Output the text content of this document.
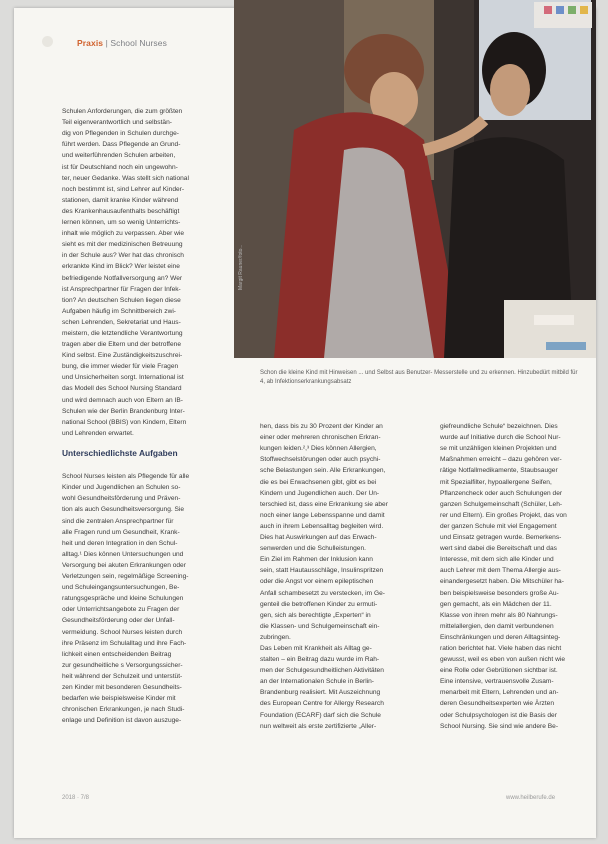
Praxis | School Nurses
Margit Rauner/foto...
Schon die kleine Kind mit Hinweisen ... und Selbst aus Benutzer- Messerstelle und zu erkennen. Hinzubedürt mitbild für 4, ab Infektionserkrankungsabsatz

Schulen Anforderungen, die zum größten
Teil eigenverantwortlich und selbstän-
dig von Pflegenden in Schulen durchge-
führt werden. Dass Pflegende an Grund-
und weiterführenden Schulen arbeiten,
ist für Deutschland noch ein ungewohn-
ter, neuer Gedanke. Was stellt sich national
noch bestimmt ist, sind Lehrer auf Kinder-
stationen, damit kranke Kinder während
des Krankenhausaufenthalts beschäftigt
lernen können, um so wenig Unterrichts-
inhalt wie möglich zu verpassen. Aber wie
sieht es mit der medizinischen Betreuung
in der Schule aus? Wer hat das chronisch
erkrankte Kind im Blick? Wer leistet eine
befriedigende Notfallversorgung an? Wer
ist Ansprechpartner für Fragen der Infek-
tion? An deutschen Schulen liegen diese
Aufgaben häufig im Schnittbereich zwi-
schen Lehrenden, Sekretariat und Haus-
meistern, die letztendliche Verantwortung
tragen aber die Eltern und der betroffene
Kind selbst. Eine Zuständigkeitszuschrei-
bung, die immer wieder für viele Fragen
und Unsicherheiten sorgt. International ist
das Modell des School Nursing Standard
und wird demnach auch von Eltern an IB-
Schulen wie der Berlin Brandenburg Inter-
national School (BBIS) von Kindern, Eltern
und Lehrenden erwartet.

Unterschiedlichste Aufgaben

School Nurses leisten als Pflegende für alle
Kinder und Jugendlichen an Schulen so-
wohl Gesundheitsförderung und Präven-
tion als auch Gesundheitsversorgung. Sie
sind die zentralen Ansprechpartner für
alle Fragen rund um Gesundheit, Krank-
heit und deren Integration in den Schul-
alltag.¹ Dies können Untersuchungen und
Versorgung bei akuten Erkrankungen oder
Verletzungen sein, regelmäßige Screening-
und Schuleingangsuntersuchungen, Be-
ratungsgespräche und kleine Schulungen
oder Unterrichtsangebote zu Fragen der
Gesundheitsförderung oder der Unfall-
vermeidung. School Nurses leisten durch
ihre Präsenz im Schulalltag und ihre Fach-
lichkeit einen entscheidenden Beitrag
zur gesundheitliche s Versorgungssicher-
heit während der Schulzeit und unterstüt-
zen Kinder mit besonderen Gesundheits-
bedarfen wie beispielsweise Kinder mit
chronischen Erkrankungen, je nach Studi-
enlage und Definition ist davon auszuge-

hen, dass bis zu 30 Prozent der Kinder an
einer oder mehreren chronischen Erkran-
kungen leiden.²,³ Dies können Allergien,
Stoffwechselstörungen oder auch psychi-
sche Belastungen sein. Alle Erkrankungen,
die es bei Erwachsenen gibt, gibt es bei
Kindern und Jugendlichen auch. Der Un-
terschied ist, dass eine Erkrankung sie aber
noch einer lange Lebensspanne und damit
auch in ihrem Lebensalltag begleiten wird.
Dies hat Auswirkungen auf das Erwach-
senwerden und die Schulleistungen.
Ein Ziel im Rahmen der Inklusion kann
sein, statt Hautausschläge, Insulinspritzen
oder die Angst vor einem epileptischen
Anfall schambesetzt zu verstecken, im Ge-
genteil die betroffenen Kinder zu ermuti-
gen, sich als berechtigte „Experten“ in
die Klassen- und Schulgemeinschaft ein-
zubringen.
Das Leben mit Krankheit als Alltag ge-
stalten – ein Beitrag dazu wurde im Rah-
men der Schulgesundheitlichen Aktivitäten
an der Internationalen Schule in Berlin-
Brandenburg realisiert. Mit Auszeichnung
des European Centre for Allergy Research
Foundation (ECARF) darf sich die Schule
nun weltweit als erste zertifizierte „Aller-

giefreundliche Schule“ bezeichnen. Dies
wurde auf Initiative durch die School Nur-
se mit unzähligen kleinen Projekten und
Maßnahmen erreicht – dazu gehören ver-
rätige Notfallmedikamente, Staubsauger
mit Spezialfilter, hypoallergene Seifen,
Pflanzencheck oder auch Schulungen der
ganzen Schulgemeinschaft (Schüler, Leh-
rer und Eltern). Ein großes Projekt, das von
der ganzen Schule mit viel Engagement
und Einsatz getragen wurde. Bemerkens-
wert sind dabei die Bereitschaft und das
Interesse, mit dem sich alle Kinder und
auch Lehrer mit dem Thema Allergie aus-
einandergesetzt haben. Die Mitschüler ha-
ben beispielsweise besonders große Au-
gen gemacht, als ein Mädchen der 11.
Klasse von ihren mehr als 80 Nahrungs-
mittelallergien, den damit verbundenen
Einschränkungen und deren Alltagsinteg-
ration berichtet hat. Viele haben das nicht
gewusst, weil es eben von außen nicht wie
eine Rolle oder Gebrütionen sichtbar ist.
Eine intensive, vertrauensvolle Zusam-
menarbeit mit Eltern, Lehrenden und an-
deren Gesundheitsexperten wie Ärzten
oder Schulpsychologen ist die Basis der
School Nursing. Sie sind wie andere Be-

2018 · 7/8	www.heilberufe.de
